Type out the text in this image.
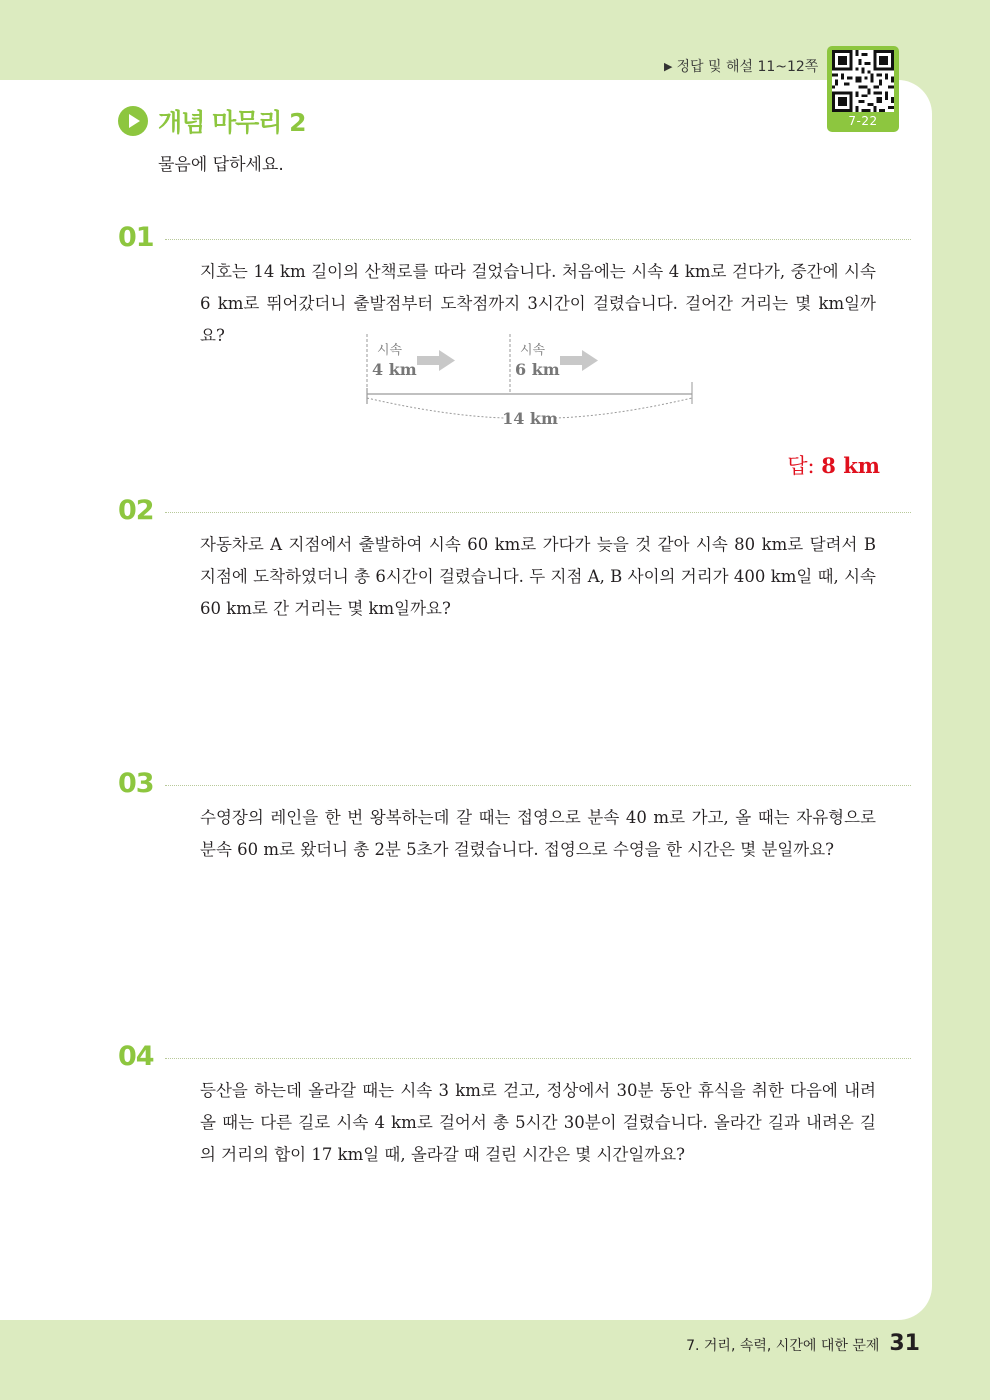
▶ 정답 및 해설 11~12쪽
7-22
개념 마무리 2
물음에 답하세요.
01
지호는 14 km 길이의 산책로를 따라 걸었습니다. 처음에는 시속 4 km로 걷다가, 중간에 시속 6 km로 뛰어갔더니 출발점부터 도착점까지 3시간이 걸렸습니다. 걸어간 거리는 몇 km일까요?
시속
4 km
시속
6 km
14 km
답: 8 km
02
자동차로 A 지점에서 출발하여 시속 60 km로 가다가 늦을 것 같아 시속 80 km로 달려서 B 지점에 도착하였더니 총 6시간이 걸렸습니다. 두 지점 A, B 사이의 거리가 400 km일 때, 시속 60 km로 간 거리는 몇 km일까요?
03
수영장의 레인을 한 번 왕복하는데 갈 때는 접영으로 분속 40 m로 가고, 올 때는 자유형으로 분속 60 m로 왔더니 총 2분 5초가 걸렸습니다. 접영으로 수영을 한 시간은 몇 분일까요?
04
등산을 하는데 올라갈 때는 시속 3 km로 걷고, 정상에서 30분 동안 휴식을 취한 다음에 내려올 때는 다른 길로 시속 4 km로 걸어서 총 5시간 30분이 걸렸습니다. 올라간 길과 내려온 길의 거리의 합이 17 km일 때, 올라갈 때 걸린 시간은 몇 시간일까요?
7. 거리, 속력, 시간에 대한 문제 31
